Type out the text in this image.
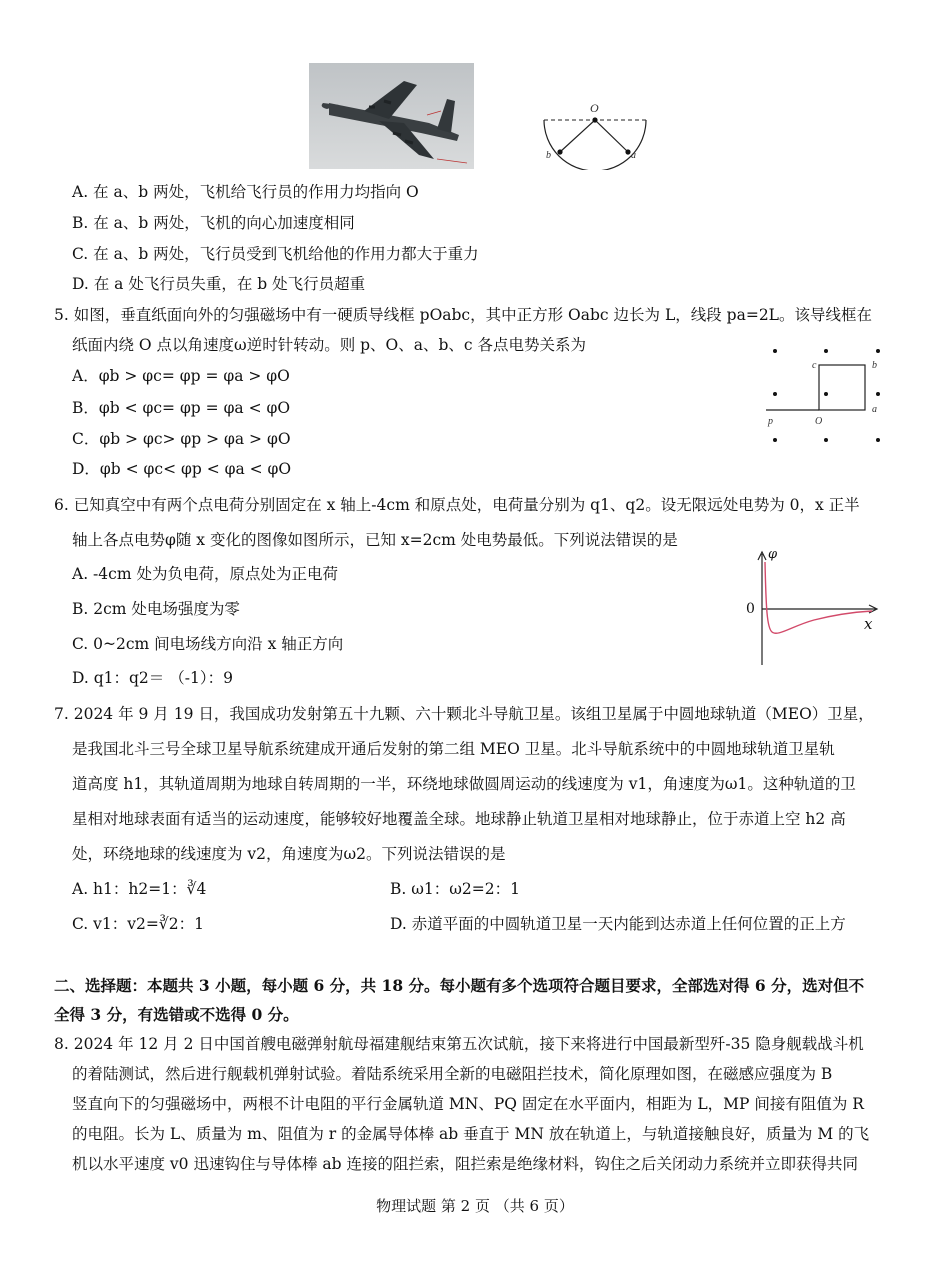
O
b	a
A. 在 a、b 两处，飞机给飞行员的作用力均指向 O
B. 在 a、b 两处，飞机的向心加速度相同
C. 在 a、b 两处，飞行员受到飞机给他的作用力都大于重力
D. 在 a 处飞行员失重，在 b 处飞行员超重
5. 如图，垂直纸面向外的匀强磁场中有一硬质导线框 pOabc，其中正方形 Oabc 边长为 L，线段 pa=2L。该导线框在
纸面内绕 O 点以角速度ω逆时针转动。则 p、O、a、b、c 各点电势关系为
A．φb > φc= φp = φa > φO
B．φb < φc= φp = φa < φO
C．φb > φc> φp > φa > φO
D．φb < φc< φp < φa < φO
c	b
a
O
p
6. 已知真空中有两个点电荷分别固定在 x 轴上-4cm 和原点处，电荷量分别为 q1、q2。设无限远处电势为 0，x 正半
轴上各点电势φ随 x 变化的图像如图所示，已知 x=2cm 处电势最低。下列说法错误的是
A. -4cm 处为负电荷，原点处为正电荷
B. 2cm 处电场强度为零
C. 0~2cm 间电场线方向沿 x 轴正方向
D. q1：q2＝ （-1）：9
φ
0
x
7. 2024 年 9 月 19 日，我国成功发射第五十九颗、六十颗北斗导航卫星。该组卫星属于中圆地球轨道（MEO）卫星，
是我国北斗三号全球卫星导航系统建成开通后发射的第二组 MEO 卫星。北斗导航系统中的中圆地球轨道卫星轨
道高度 h1，其轨道周期为地球自转周期的一半，环绕地球做圆周运动的线速度为 v1，角速度为ω1。这种轨道的卫
星相对地球表面有适当的运动速度，能够较好地覆盖全球。地球静止轨道卫星相对地球静止，位于赤道上空 h2 高
处，环绕地球的线速度为 v2，角速度为ω2。下列说法错误的是
A. h1：h2=1：∛4	B. ω1：ω2=2：1
C. v1：v2=∛2：1	D. 赤道平面的中圆轨道卫星一天内能到达赤道上任何位置的正上方
二、选择题：本题共 3 小题，每小题 6 分，共 18 分。每小题有多个选项符合题目要求，全部选对得 6 分，选对但不
全得 3 分，有选错或不选得 0 分。
8. 2024 年 12 月 2 日中国首艘电磁弹射航母福建舰结束第五次试航，接下来将进行中国最新型歼-35 隐身舰载战斗机
的着陆测试，然后进行舰载机弹射试验。着陆系统采用全新的电磁阻拦技术，简化原理如图，在磁感应强度为 B
竖直向下的匀强磁场中，两根不计电阻的平行金属轨道 MN、PQ 固定在水平面内，相距为 L，MP 间接有阻值为 R
的电阻。长为 L、质量为 m、阻值为 r 的金属导体棒 ab 垂直于 MN 放在轨道上，与轨道接触良好，质量为 M 的飞
机以水平速度 v0 迅速钩住与导体棒 ab 连接的阻拦索，阻拦索是绝缘材料，钩住之后关闭动力系统并立即获得共同
物理试题 第 2 页 （共 6 页）
